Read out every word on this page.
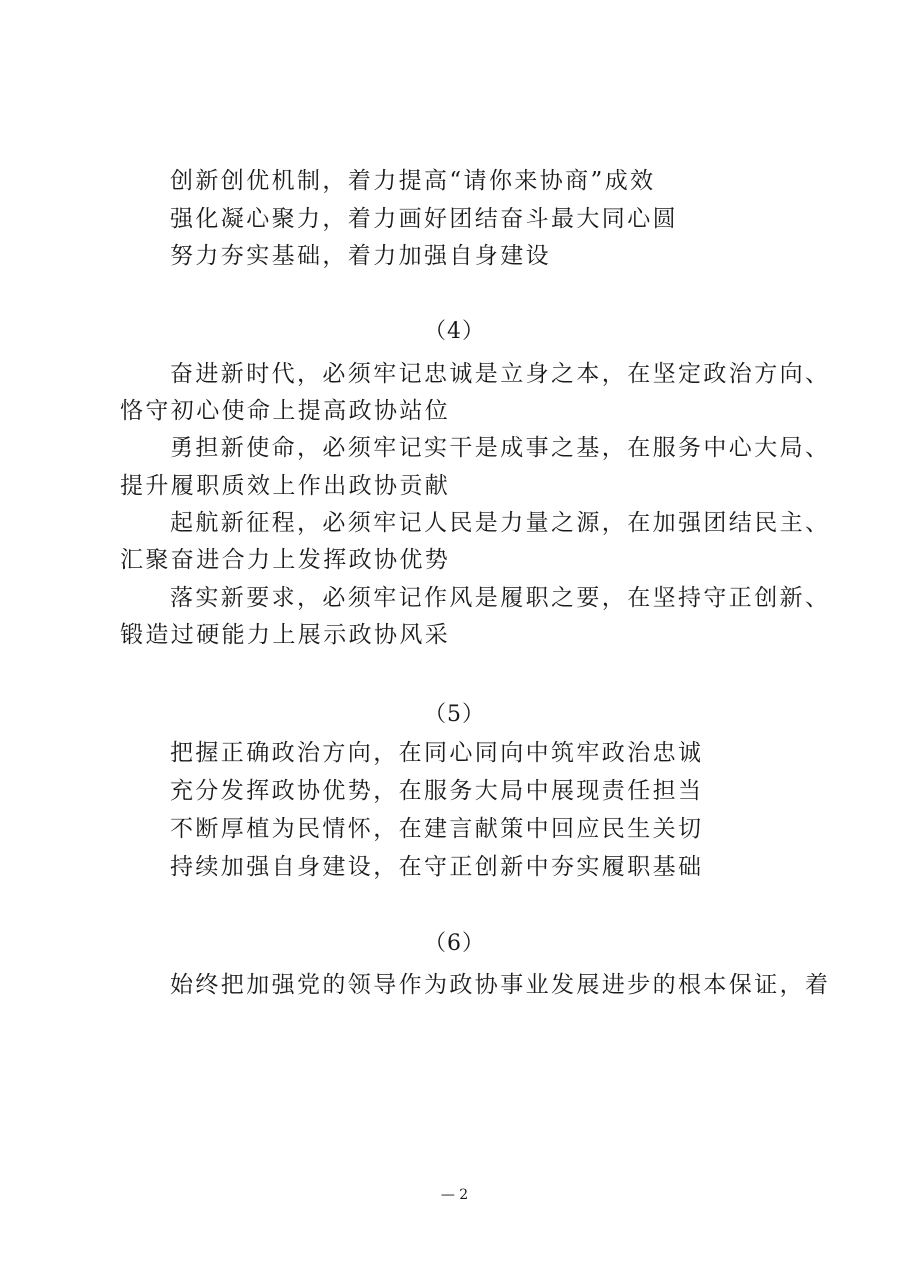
创新创优机制，着力提高“请你来协商”成效
强化凝心聚力，着力画好团结奋斗最大同心圆
努力夯实基础，着力加强自身建设
（4）
奋进新时代，必须牢记忠诚是立身之本，在坚定政治方向、
恪守初心使命上提高政协站位
勇担新使命，必须牢记实干是成事之基，在服务中心大局、
提升履职质效上作出政协贡献
起航新征程，必须牢记人民是力量之源，在加强团结民主、
汇聚奋进合力上发挥政协优势
落实新要求，必须牢记作风是履职之要，在坚持守正创新、
锻造过硬能力上展示政协风采
（5）
把握正确政治方向，在同心同向中筑牢政治忠诚
充分发挥政协优势，在服务大局中展现责任担当
不断厚植为民情怀，在建言献策中回应民生关切
持续加强自身建设，在守正创新中夯实履职基础
（6）
始终把加强党的领导作为政协事业发展进步的根本保证，着
— 2
